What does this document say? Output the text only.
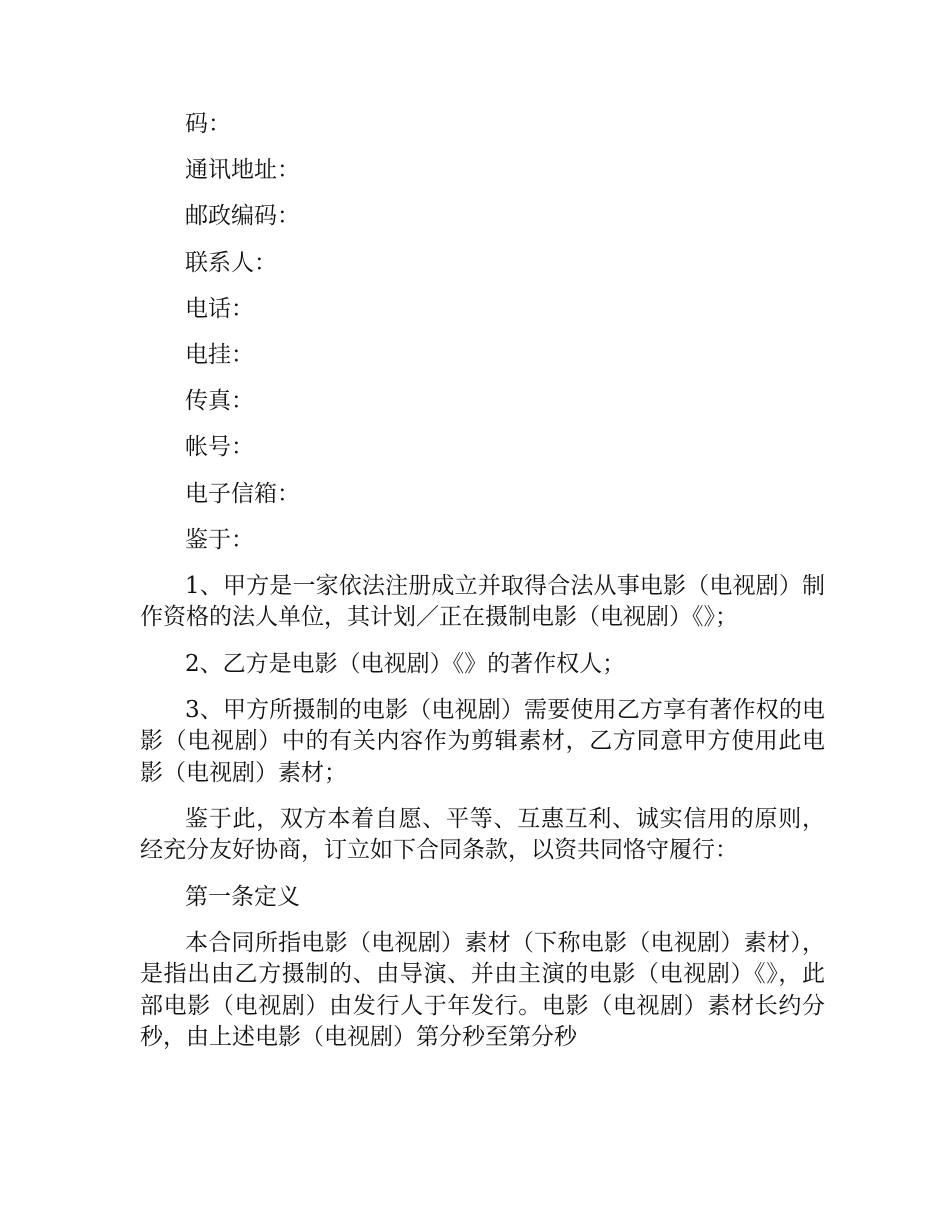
码：

通讯地址：

邮政编码：

联系人：

电话：

电挂：

传真：

帐号：

电子信箱：

鉴于：

1、甲方是一家依法注册成立并取得合法从事电影（电视剧）制作资格的法人单位，其计划／正在摄制电影（电视剧）《》；

2、乙方是电影（电视剧）《》的著作权人；

3、甲方所摄制的电影（电视剧）需要使用乙方享有著作权的电影（电视剧）中的有关内容作为剪辑素材，乙方同意甲方使用此电影（电视剧）素材；

鉴于此，双方本着自愿、平等、互惠互利、诚实信用的原则，经充分友好协商，订立如下合同条款，以资共同恪守履行：

第一条定义

本合同所指电影（电视剧）素材（下称电影（电视剧）素材），是指出由乙方摄制的、由导演、并由主演的电影（电视剧）《》，此部电影（电视剧）由发行人于年发行。电影（电视剧）素材长约分秒，由上述电影（电视剧）第分秒至第分秒
